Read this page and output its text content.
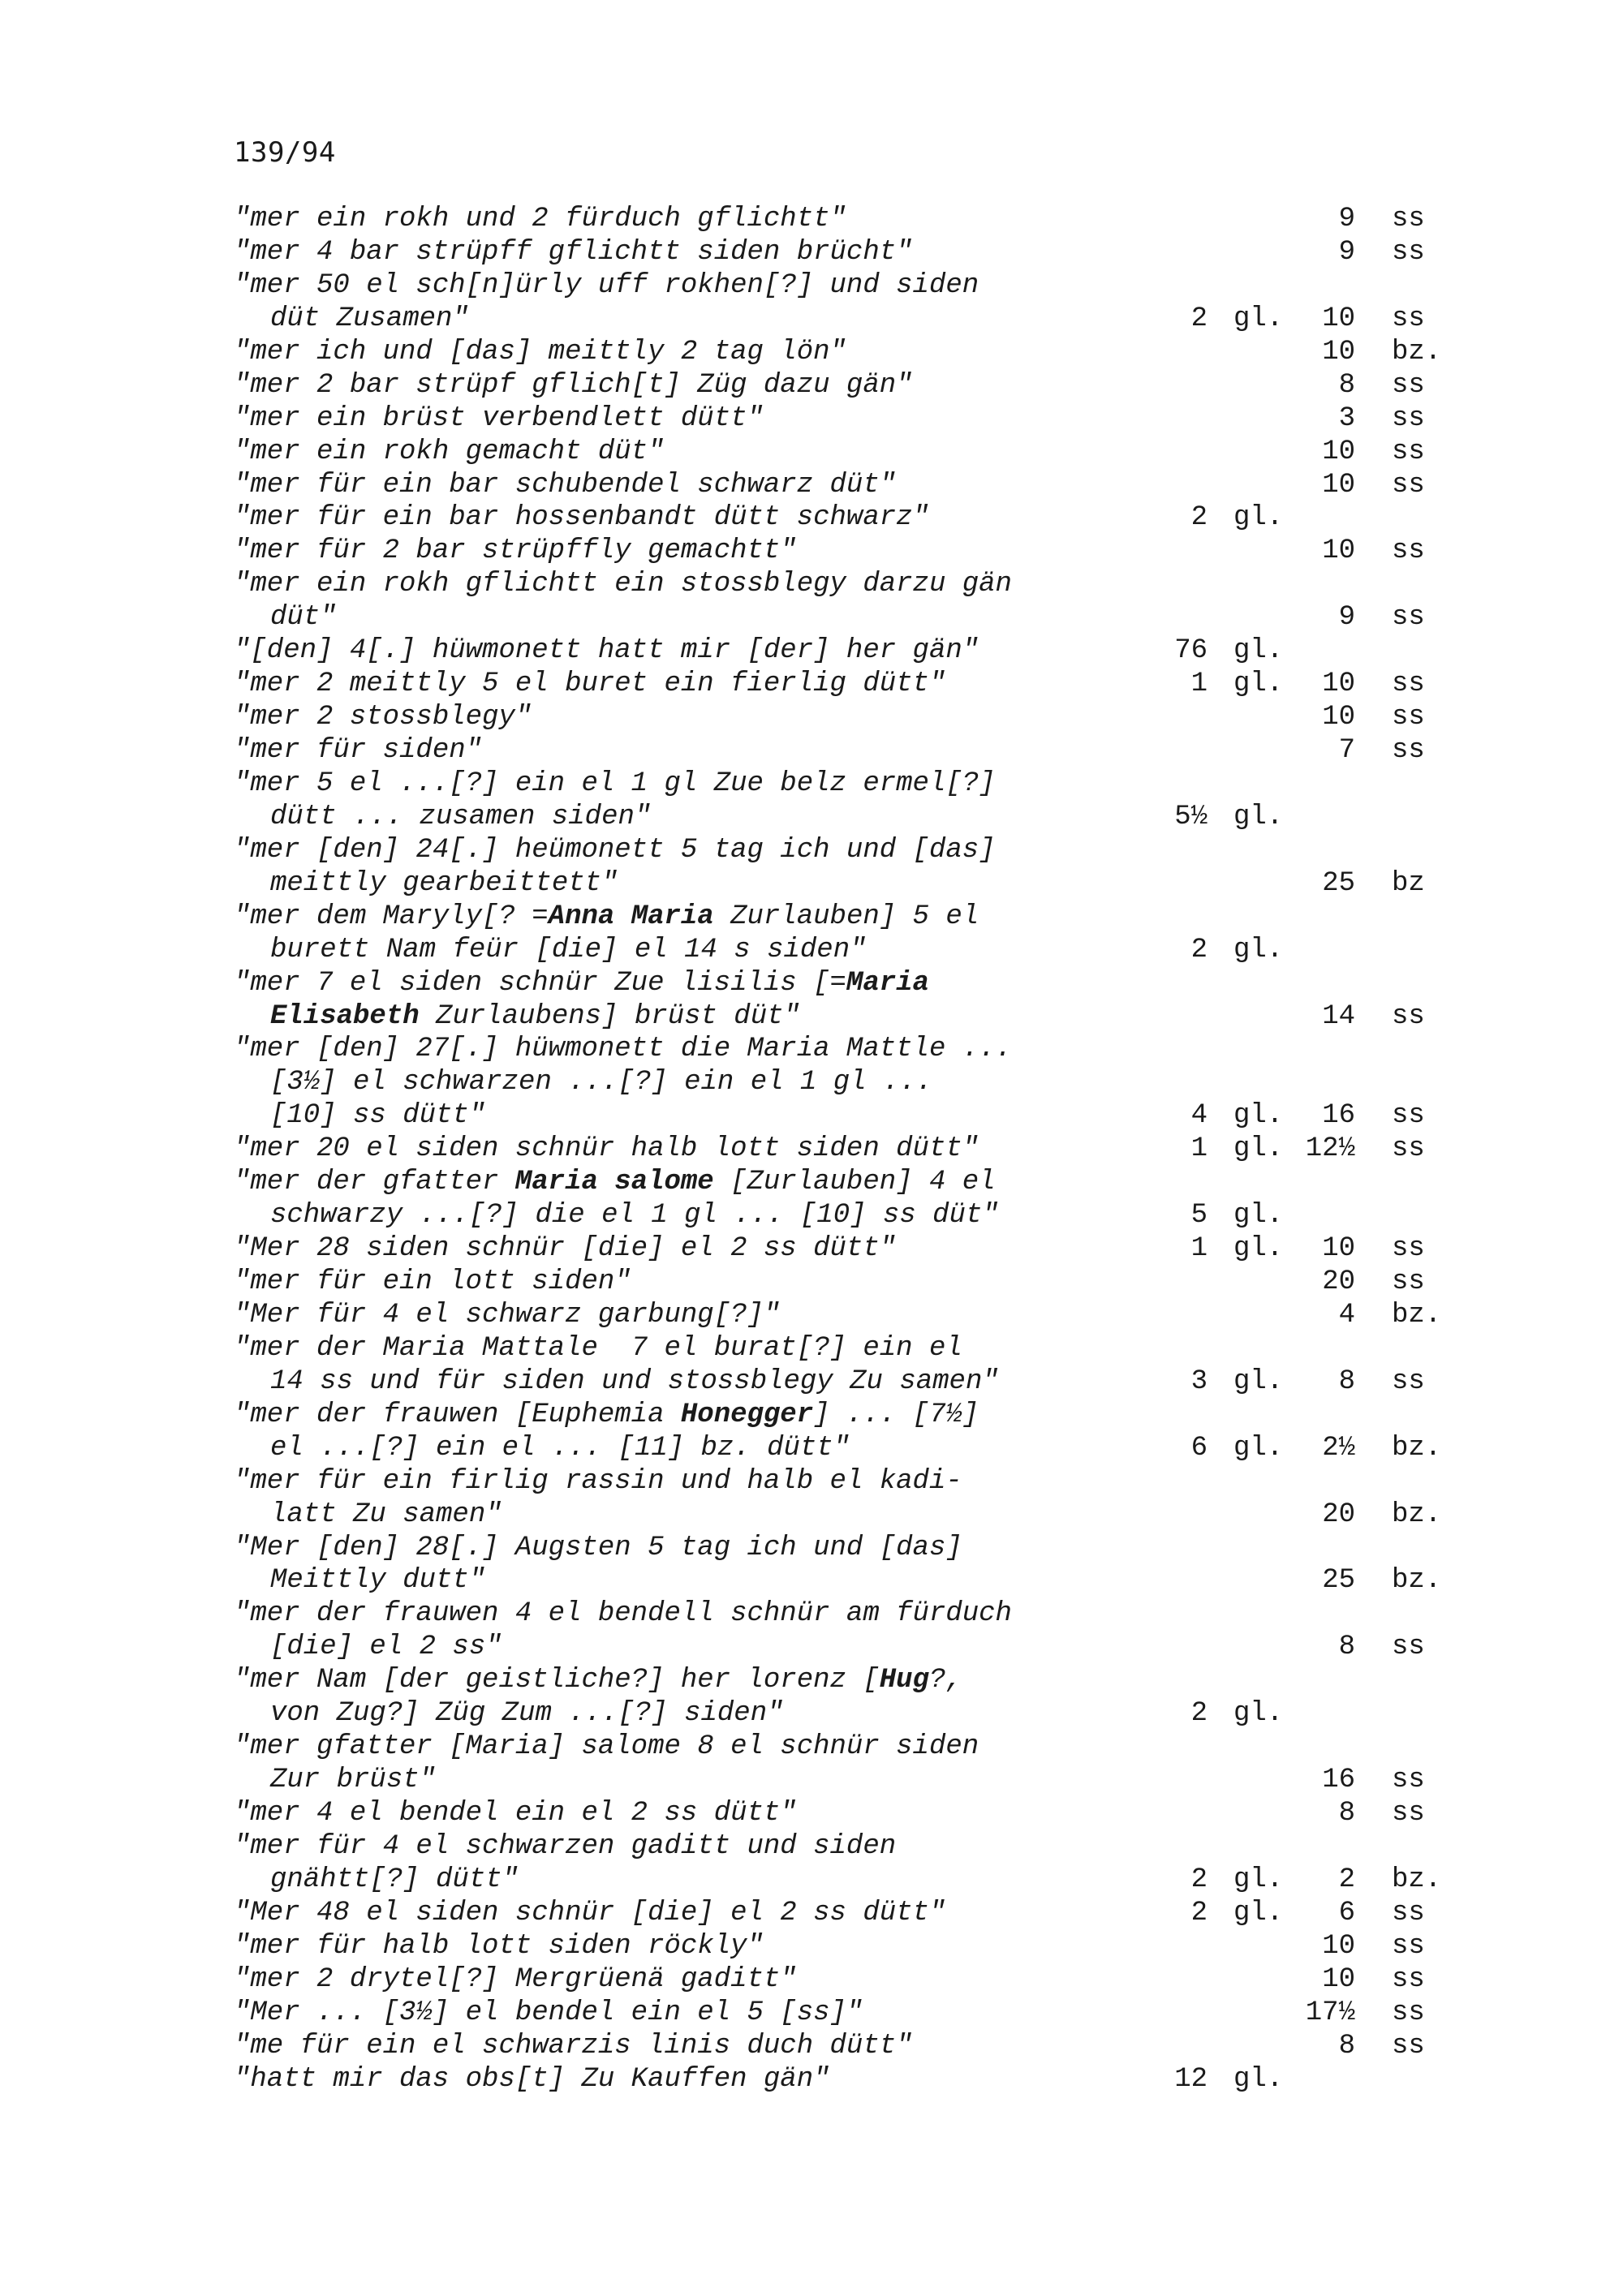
139/94
"mer ein rokh und 2 fürduch gflichtt"	9 ss
"mer 4 bar strüpff gflichtt siden brücht"	9 ss
"mer 50 el sch[n]ürly uff rokhen[?] und siden
düt Zusamen"	2 gl. 10 ss
"mer ich und [das] meittly 2 tag lön"	10 bz.
"mer 2 bar strüpf gflich[t] Züg dazu gän"	8 ss
"mer ein brüst verbendlett dütt"	3 ss
"mer ein rokh gemacht düt"	10 ss
"mer für ein bar schubendel schwarz düt"	10 ss
"mer für ein bar hossenbandt dütt schwarz"	2 gl.
"mer für 2 bar strüpffly gemachtt"	10 ss
"mer ein rokh gflichtt ein stossblegy darzu gän
düt"	9 ss
"[den] 4[.] hüwmonett hatt mir [der] her gän"	76 gl.
"mer 2 meittly 5 el buret ein fierlig dütt"	1 gl. 10 ss
"mer 2 stossblegy"	10 ss
"mer für siden"	7 ss
"mer 5 el ...[?] ein el 1 gl Zue belz ermel[?]
dütt ... zusamen siden"	5½ gl.
"mer [den] 24[.] heümonett 5 tag ich und [das]
meittly gearbeittett"	25 bz
"mer dem Maryly[? =Anna Maria Zurlauben] 5 el
burett Nam feür [die] el 14 s siden"	2 gl.
"mer 7 el siden schnür Zue lisilis [=Maria
Elisabeth Zurlaubens] brüst düt"	14 ss
"mer [den] 27[.] hüwmonett die Maria Mattle ...
[3½] el schwarzen ...[?] ein el 1 gl ...
[10] ss dütt"	4 gl. 16 ss
"mer 20 el siden schnür halb lott siden dütt"	1 gl. 12½ ss
"mer der gfatter Maria salome [Zurlauben] 4 el
schwarzy ...[?] die el 1 gl ... [10] ss düt"	5 gl.
"Mer 28 siden schnür [die] el 2 ss dütt"	1 gl. 10 ss
"mer für ein lott siden"	20 ss
"Mer für 4 el schwarz garbung[?]"	4 bz.
"mer der Maria Mattale  7 el burat[?] ein el
14 ss und für siden und stossblegy Zu samen"	3 gl. 8 ss
"mer der frauwen [Euphemia Honegger] ... [7½]
el ...[?] ein el ... [11] bz. dütt"	6 gl. 2½ bz.
"mer für ein firlig rassin und halb el kadi-
latt Zu samen"	20 bz.
"Mer [den] 28[.] Augsten 5 tag ich und [das]
Meittly dutt"	25 bz.
"mer der frauwen 4 el bendell schnür am fürduch
[die] el 2 ss"	8 ss
"mer Nam [der geistliche?] her lorenz [Hug?,
von Zug?] Züg Zum ...[?] siden"	2 gl.
"mer gfatter [Maria] salome 8 el schnür siden
Zur brüst"	16 ss
"mer 4 el bendel ein el 2 ss dütt"	8 ss
"mer für 4 el schwarzen gaditt und siden
gnähtt[?] dütt"	2 gl. 2 bz.
"Mer 48 el siden schnür [die] el 2 ss dütt"	2 gl. 6 ss
"mer für halb lott siden röckly"	10 ss
"mer 2 drytel[?] Mergrüenä gaditt"	10 ss
"Mer ... [3½] el bendel ein el 5 [ss]"	17½ ss
"me für ein el schwarzis linis duch dütt"	8 ss
"hatt mir das obs[t] Zu Kauffen gän"	12 gl.
